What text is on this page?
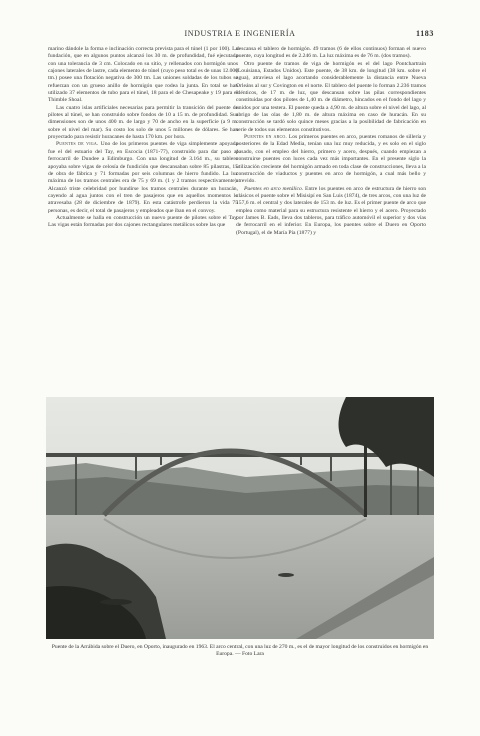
INDUSTRIA E INGENIERÍA	1183

marino dándole la forma e inclinación correcta prevista para el túnel (1 por 100). La fundación, que en algunos puntos alcanzó los 30 m. de profundidad, fué ejecutada con una tolerancia de 3 cm. Colocado en su sitio, y rellenados con hormigón unos cajones laterales de lastre, cada elemento de túnel (cuyo peso total es de unas 12.000 tm.) posee una flotación negativa de 300 tm. Las uniones soldadas de los tubos se refuerzan con un grueso anillo de hormigón que rodea la junta. En total se han utilizado 37 elementos de tubo para el túnel, 18 para el de Chesapeake y 19 para el Thimble Shoal.

Las cuatro islas artificiales necesarias para permitir la transición del puente de pilotes al túnel, se han construido sobre fondos de 10 a 15 m. de profundidad. Sus dimensiones son de unos 400 m. de largo y 70 de ancho en la superficie (a 9 m. sobre el nivel del mar). Su costo los solo de unos 5 millones de dólares. Se han proyectado para resistir huracanes de hasta 170 km. por hora.

Puentes de viga. Uno de los primeros puentes de viga simplemente apoyada fue el del estuario del Tay, en Escocia (1871-77), construido para dar paso al ferrocarril de Dundee a Edimburgo. Con una longitud de 3.164 m., su tablero apoyaba sobre vigas de celosía de fundición que descansaban sobre 85 pilastras, 15 de obra de fábrica y 71 formadas por seis columnas de hierro fundido. La luz máxima de los tramos centrales era de 75 y 69 m. (1 y 2 tramos respectivamente). Alcanzó triste celebridad por hundirse los tramos centrales durante un huracán, cayendo al agua juntos con el tren de pasajeros que en aquellos momentos lo atravesaba (28 de diciembre de 1879). En esta catástrofe perdieron la vida 75 personas, es decir, el total de pasajeros y empleados que iban en el convoy.

Actualmente se halla en construcción un nuevo puente de pilotes sobre el Tay. Las vigas están formadas por dos cajones rectangulares metálicos sobre las que

descansa el tablero de hormigón. 49 tramos (6 de ellos continuos) forman el nuevo puente, cuya longitud es de 2.246 m. La luz máxima es de 76 m. (dos tramos).

Otro puente de tramos de viga de hormigón es el del lago Pontchartrain (Louisiana, Estados Unidos). Este puente, de 38 km. de longitud (38 km. sobre el agua), atraviesa el lago acortando considerablemente la distancia entre Nueva Orleáns al sur y Covington en el norte. El tablero del puente lo forman 2.236 tramos idénticos, de 17 m. de luz, que descansan sobre las pilas correspondientes constituidas por dos pilotes de 1,40 m. de diámetro, hincados en el fondo del lago y unidos por una testera. El puente queda a 4,90 m. de altura sobre el nivel del lago, al abrigo de las olas de 1,80 m. de altura máxima en caso de huracán. En su construcción se tardó solo quince meses gracias a la posibilidad de fabricación en serie de todos sus elementos constitutivos.

Puentes en arco. Los primeros puentes en arco, puentes romanos de sillería y posteriores de la Edad Media, tenían una luz muy reducida, y es solo en el siglo pasado, con el empleo del hierro, primero y acero, después, cuando empiezan a construirse puentes con luces cada vez más importantes. En el presente siglo la utilización creciente del hormigón armado en toda clase de construcciones, lleva a la construcción de viaductos y puentes en arco de hormigón, a cual más bello y atrevido.

Puentes en arco metálico. Entre los puentes en arco de estructura de hierro son clásicos el puente sobre el Misisipí en San Luis (1874), de tres arcos, con una luz de 157,6 m. el central y dos laterales de 153 m. de luz. Es el primer puente de arco que emplea como material para su estructura resistente el hierro y el acero. Proyectado por James B. Eads, lleva dos tableros, para tráfico automóvil el superior y dos vías de ferrocarril en el inferior. En Europa, los puentes sobre el Duero en Oporto (Portugal), el de María Pía (1877) y

Puente de la Arrábida sobre el Duero, en Oporto, inaugurado en 1963. El arco central, con una luz de 270 m., es el de mayor longitud de los construidos en hormigón en Europa. — Foto Lara
